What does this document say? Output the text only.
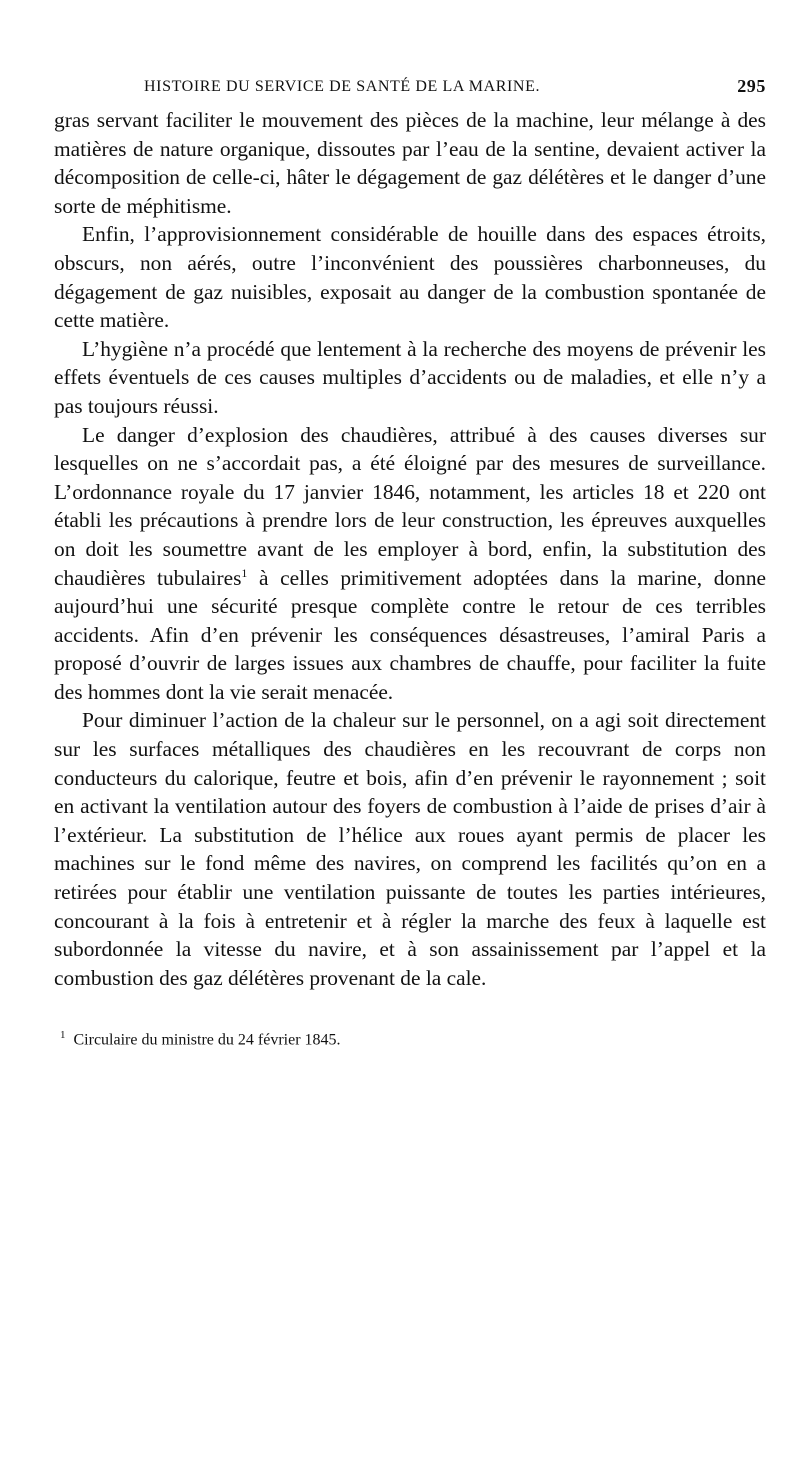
HISTOIRE DU SERVICE DE SANTÉ DE LA MARINE.	295

gras servant faciliter le mouvement des pièces de la machine, leur mélange à des matières de nature organique, dissoutes par l’eau de la sentine, devaient activer la décomposition de celle-ci, hâter le dégagement de gaz délétères et le danger d’une sorte de méphitisme.

Enfin, l’approvisionnement considérable de houille dans des espaces étroits, obscurs, non aérés, outre l’inconvénient des poussières charbonneuses, du dégagement de gaz nuisibles, exposait au danger de la combustion spontanée de cette matière.

L’hygiène n’a procédé que lentement à la recherche des moyens de prévenir les effets éventuels de ces causes multiples d’accidents ou de maladies, et elle n’y a pas toujours réussi.

Le danger d’explosion des chaudières, attribué à des causes diverses sur lesquelles on ne s’accordait pas, a été éloigné par des mesures de surveillance. L’ordonnance royale du 17 janvier 1846, notamment, les articles 18 et 220 ont établi les précautions à prendre lors de leur construction, les épreuves auxquelles on doit les soumettre avant de les employer à bord, enfin, la substitution des chaudières tubulaires$^1$ à celles primitivement adoptées dans la marine, donne aujourd’hui une sécurité presque complète contre le retour de ces terribles accidents. Afin d’en prévenir les conséquences désastreuses, l’amiral Paris a proposé d’ouvrir de larges issues aux chambres de chauffe, pour faciliter la fuite des hommes dont la vie serait menacée.

Pour diminuer l’action de la chaleur sur le personnel, on a agi soit directement sur les surfaces métalliques des chaudières en les recouvrant de corps non conducteurs du calorique, feutre et bois, afin d’en prévenir le rayonnement ; soit en activant la ventilation autour des foyers de combustion à l’aide de prises d’air à l’extérieur. La substitution de l’hélice aux roues ayant permis de placer les machines sur le fond même des navires, on comprend les facilités qu’on en a retirées pour établir une ventilation puissante de toutes les parties intérieures, concourant à la fois à entretenir et à régler la marche des feux à laquelle est subordonnée la vitesse du navire, et à son assainissement par l’appel et la combustion des gaz délétères provenant de la cale.

$^1$ Circulaire du ministre du 24 février 1845.
